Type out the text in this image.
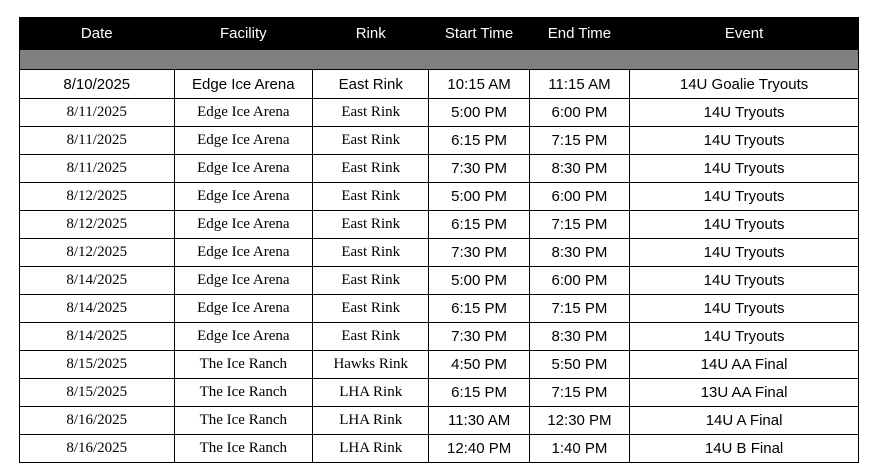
Date	Facility	Rink	Start Time	End Time	Event

8/10/2025	Edge Ice Arena	East Rink	10:15 AM	11:15 AM	14U Goalie Tryouts
8/11/2025	Edge Ice Arena	East Rink	5:00 PM	6:00 PM	14U Tryouts
8/11/2025	Edge Ice Arena	East Rink	6:15 PM	7:15 PM	14U Tryouts
8/11/2025	Edge Ice Arena	East Rink	7:30 PM	8:30 PM	14U Tryouts
8/12/2025	Edge Ice Arena	East Rink	5:00 PM	6:00 PM	14U Tryouts
8/12/2025	Edge Ice Arena	East Rink	6:15 PM	7:15 PM	14U Tryouts
8/12/2025	Edge Ice Arena	East Rink	7:30 PM	8:30 PM	14U Tryouts
8/14/2025	Edge Ice Arena	East Rink	5:00 PM	6:00 PM	14U Tryouts
8/14/2025	Edge Ice Arena	East Rink	6:15 PM	7:15 PM	14U Tryouts
8/14/2025	Edge Ice Arena	East Rink	7:30 PM	8:30 PM	14U Tryouts
8/15/2025	The Ice Ranch	Hawks Rink	4:50 PM	5:50 PM	14U AA Final
8/15/2025	The Ice Ranch	LHA Rink	6:15 PM	7:15 PM	13U AA Final
8/16/2025	The Ice Ranch	LHA Rink	11:30 AM	12:30 PM	14U A Final
8/16/2025	The Ice Ranch	LHA Rink	12:40 PM	1:40 PM	14U B Final
